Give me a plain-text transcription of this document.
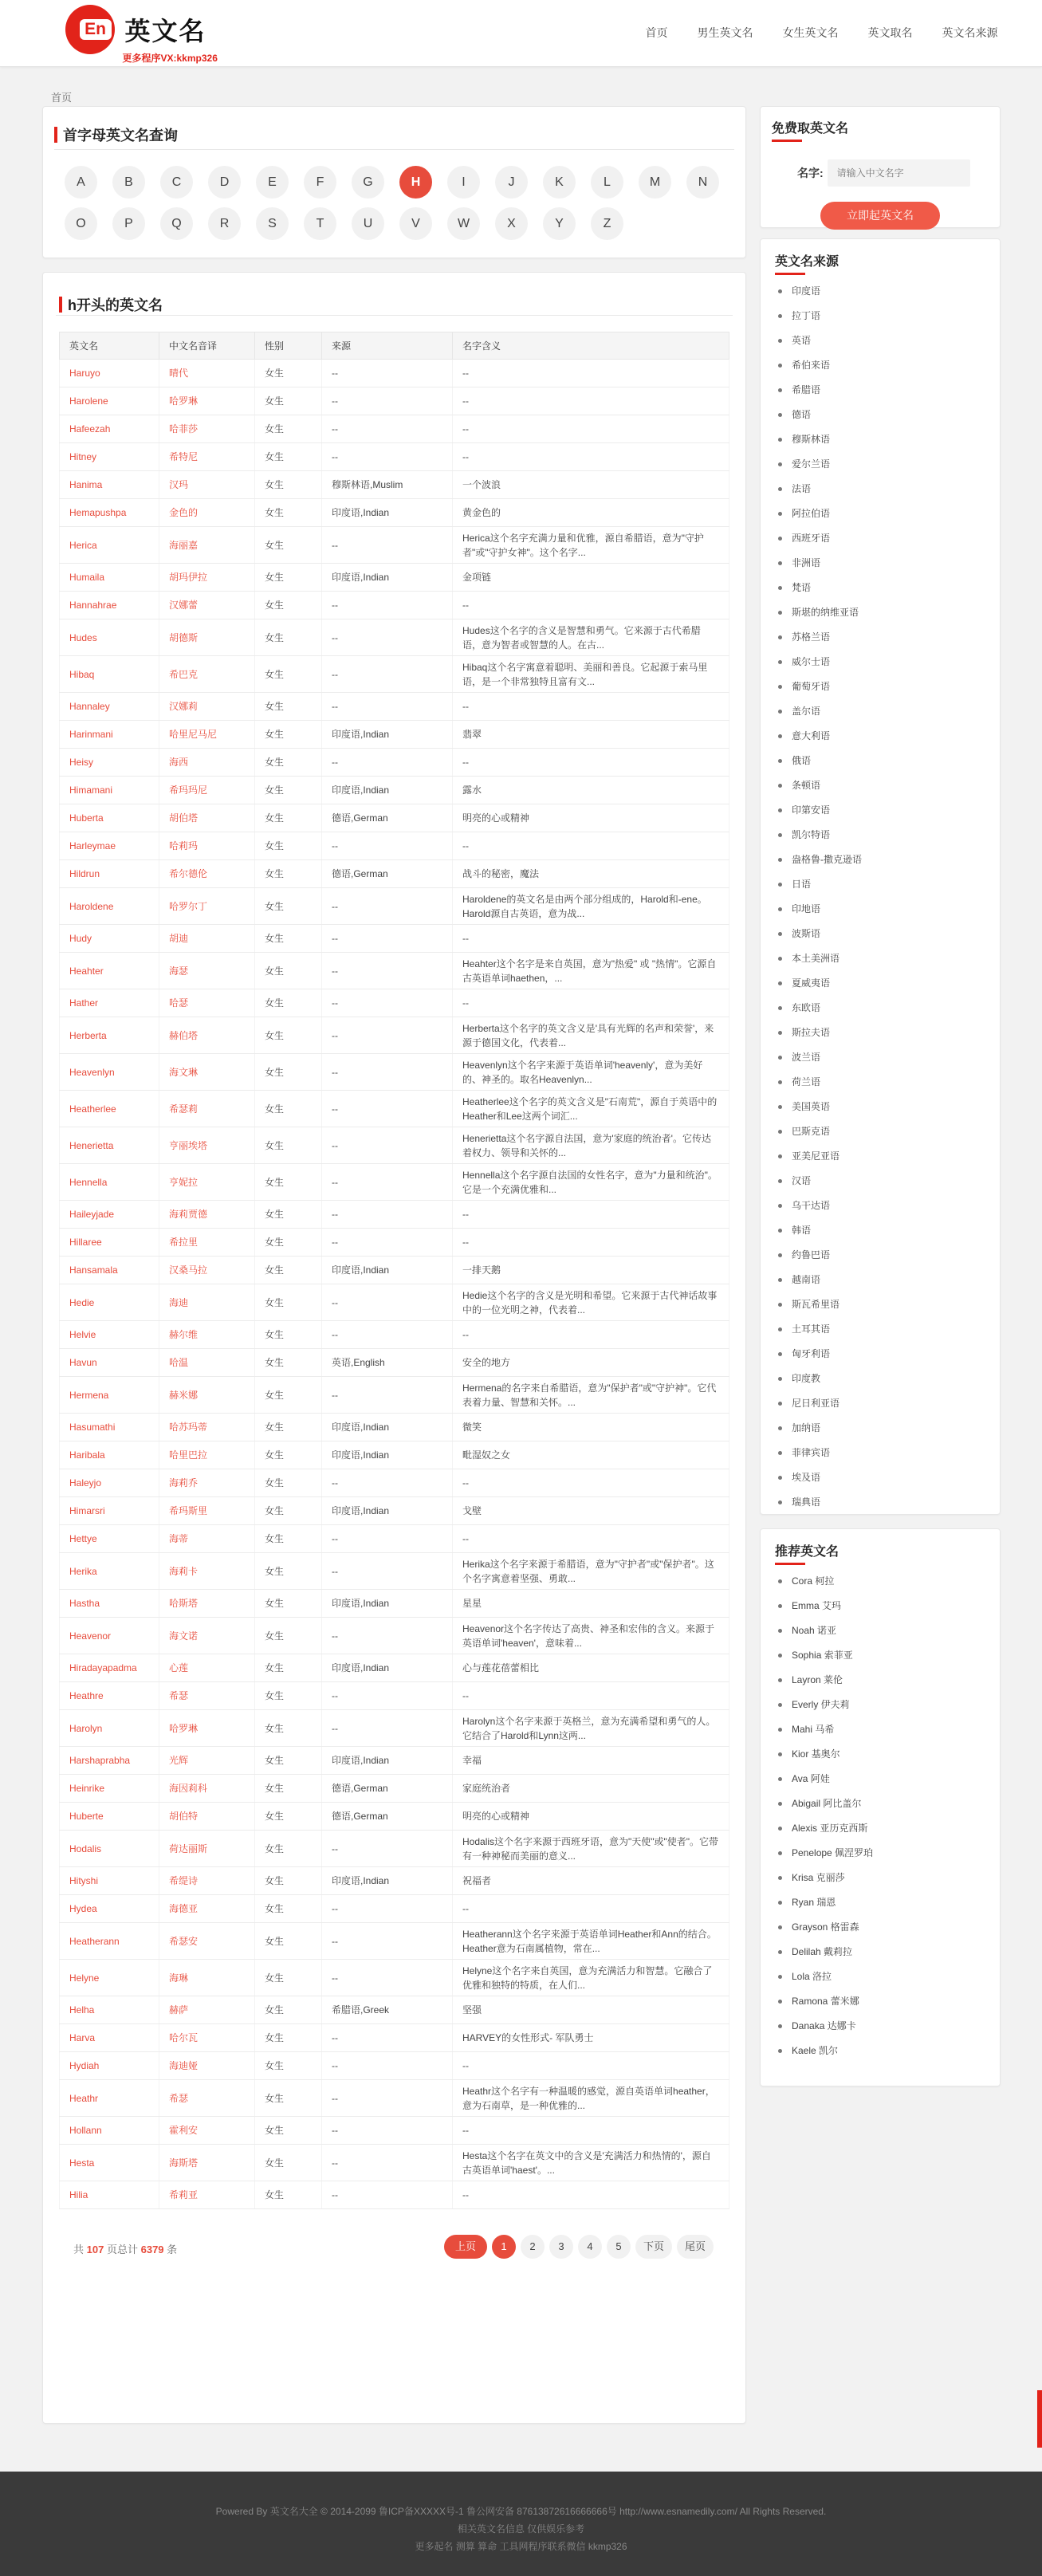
En 英文名
更多程序VX:kkmp326
首页	男生英文名	女生英文名	英文取名	英文名来源
首页
首字母英文名查询
A	B	C	D	E	F	G	H	I	J	K	L	M	N
O	P	Q	R	S	T	U	V	W	X	Y	Z
h开头的英文名
英文名	中文名音译	性别	来源	名字含义
Haruyo	晴代	女生	--	--
Harolene	哈罗琳	女生	--	--
Hafeezah	哈菲莎	女生	--	--
Hitney	希特尼	女生	--	--
Hanima	汉玛	女生	穆斯林语,Muslim	一个波浪
Hemapushpa	金色的	女生	印度语,Indian	黄金色的
Herica	海丽嘉	女生	--	Herica这个名字充满力量和优雅，源自希腊语，意为"守护者"或"守护女神"。这个名字...
Humaila	胡玛伊拉	女生	印度语,Indian	金项链
Hannahrae	汉娜蕾	女生	--	--
Hudes	胡德斯	女生	--	Hudes这个名字的含义是智慧和勇气。它来源于古代希腊语，意为智者或智慧的人。在古...
Hibaq	希巴克	女生	--	Hibaq这个名字寓意着聪明、美丽和善良。它起源于索马里语，是一个非常独特且富有文...
Hannaley	汉娜莉	女生	--	--
Harinmani	哈里尼马尼	女生	印度语,Indian	翡翠
Heisy	海西	女生	--	--
Himamani	希玛玛尼	女生	印度语,Indian	露水
Huberta	胡伯塔	女生	德语,German	明亮的心或精神
Harleymae	哈莉玛	女生	--	--
Hildrun	希尔德伦	女生	德语,German	战斗的秘密，魔法
Haroldene	哈罗尔丁	女生	--	Haroldene的英文名是由两个部分组成的，Harold和-ene。Harold源自古英语，意为战...
Hudy	胡迪	女生	--	--
Heahter	海瑟	女生	--	Heahter这个名字是来自英国，意为"热爱" 或 "热情"。它源自古英语单词haethen，...
Hather	哈瑟	女生	--	--
Herberta	赫伯塔	女生	--	Herberta这个名字的英文含义是'具有光辉的名声和荣誉'，来源于德国文化，代表着...
Heavenlyn	海文琳	女生	--	Heavenlyn这个名字来源于英语单词'heavenly'，意为美好的、神圣的。取名Heavenlyn...
Heatherlee	希瑟莉	女生	--	Heatherlee这个名字的英文含义是"石南荒"，源自于英语中的Heather和Lee这两个词汇...
Henerietta	亨丽埃塔	女生	--	Henerietta这个名字源自法国，意为'家庭的统治者'。它传达着权力、领导和关怀的...
Hennella	亨妮拉	女生	--	Hennella这个名字源自法国的女性名字，意为"力量和统治"。它是一个充满优雅和...
Haileyjade	海莉贾德	女生	--	--
Hillaree	希拉里	女生	--	--
Hansamala	汉桑马拉	女生	印度语,Indian	一排天鹅
Hedie	海迪	女生	--	Hedie这个名字的含义是光明和希望。它来源于古代神话故事中的一位光明之神，代表着...
Helvie	赫尔维	女生	--	--
Havun	哈温	女生	英语,English	安全的地方
Hermena	赫米娜	女生	--	Hermena的名字来自希腊语，意为"保护者"或"守护神"。它代表着力量、智慧和关怀。...
Hasumathi	哈苏玛蒂	女生	印度语,Indian	微笑
Haribala	哈里巴拉	女生	印度语,Indian	毗湿奴之女
Haleyjo	海莉乔	女生	--	--
Himarsri	希玛斯里	女生	印度语,Indian	戈壁
Hettye	海蒂	女生	--	--
Herika	海莉卡	女生	--	Herika这个名字来源于希腊语，意为"守护者"或"保护者"。这个名字寓意着坚强、勇敢...
Hastha	哈斯塔	女生	印度语,Indian	星星
Heavenor	海文诺	女生	--	Heavenor这个名字传达了高贵、神圣和宏伟的含义。来源于英语单词'heaven'，意味着...
Hiradayapadma	心莲	女生	印度语,Indian	心与莲花蓓蕾相比
Heathre	希瑟	女生	--	--
Harolyn	哈罗琳	女生	--	Harolyn这个名字来源于英格兰，意为充满希望和勇气的人。它结合了Harold和Lynn这两...
Harshaprabha	光辉	女生	印度语,Indian	幸福
Heinrike	海因莉科	女生	德语,German	家庭统治者
Huberte	胡伯特	女生	德语,German	明亮的心或精神
Hodalis	荷达丽斯	女生	--	Hodalis这个名字来源于西班牙语，意为"天使"或"使者"。它带有一种神秘而美丽的意义...
Hityshi	希缇诗	女生	印度语,Indian	祝福者
Hydea	海德亚	女生	--	--
Heatherann	希瑟安	女生	--	Heatherann这个名字来源于英语单词Heather和Ann的结合。Heather意为石南属植物，常在...
Helyne	海琳	女生	--	Helyne这个名字来自英国，意为充满活力和智慧。它融合了优雅和独特的特质，在人们...
Helha	赫萨	女生	希腊语,Greek	坚强
Harva	哈尔瓦	女生	--	HARVEY的女性形式- 军队勇士
Hydiah	海迪娅	女生	--	--
Heathr	希瑟	女生	--	Heathr这个名字有一种温暖的感觉，源自英语单词heather，意为石南草，是一种优雅的...
Hollann	霍利安	女生	--	--
Hesta	海斯塔	女生	--	Hesta这个名字在英文中的含义是'充满活力和热情的'，源自古英语单词'haest'。...
Hilia	希莉亚	女生	--	--
共 107 页总计 6379 条	上页	1	2	3	4	5	下页	尾页
免费取英文名
名字:
请输入中文名字
立即起英文名
英文名来源
印度语
拉丁语
英语
希伯来语
希腊语
德语
穆斯林语
爱尔兰语
法语
阿拉伯语
西班牙语
非洲语
梵语
斯堪的纳维亚语
苏格兰语
威尔士语
葡萄牙语
盖尔语
意大利语
俄语
条顿语
印第安语
凯尔特语
盎格鲁-撒克逊语
日语
印地语
波斯语
本土美洲语
夏威夷语
东欧语
斯拉夫语
波兰语
荷兰语
美国英语
巴斯克语
亚美尼亚语
汉语
乌干达语
韩语
约鲁巴语
越南语
斯瓦希里语
土耳其语
匈牙利语
印度教
尼日利亚语
加纳语
菲律宾语
埃及语
瑞典语
推荐英文名
Cora 柯拉
Emma 艾玛
Noah 诺亚
Sophia 索菲亚
Layron 莱伦
Everly 伊夫莉
Mahi 马希
Kior 基奥尔
Ava 阿娃
Abigail 阿比盖尔
Alexis 亚历克西斯
Penelope 佩涅罗珀
Krisa 克丽莎
Ryan 瑞恩
Grayson 格雷森
Delilah 戴莉拉
Lola 洛拉
Ramona 蕾米娜
Danaka 达娜卡
Kaele 凯尔

Powered By 英文名大全 © 2014-2099 鲁ICP备XXXXX号-1 鲁公网安备 87613872616666666号 http://www.esnamedily.com/ All Rights Reserved.

相关英文名信息 仅供娱乐参考

更多起名 测算 算命 工具网程序联系微信 kkmp326
